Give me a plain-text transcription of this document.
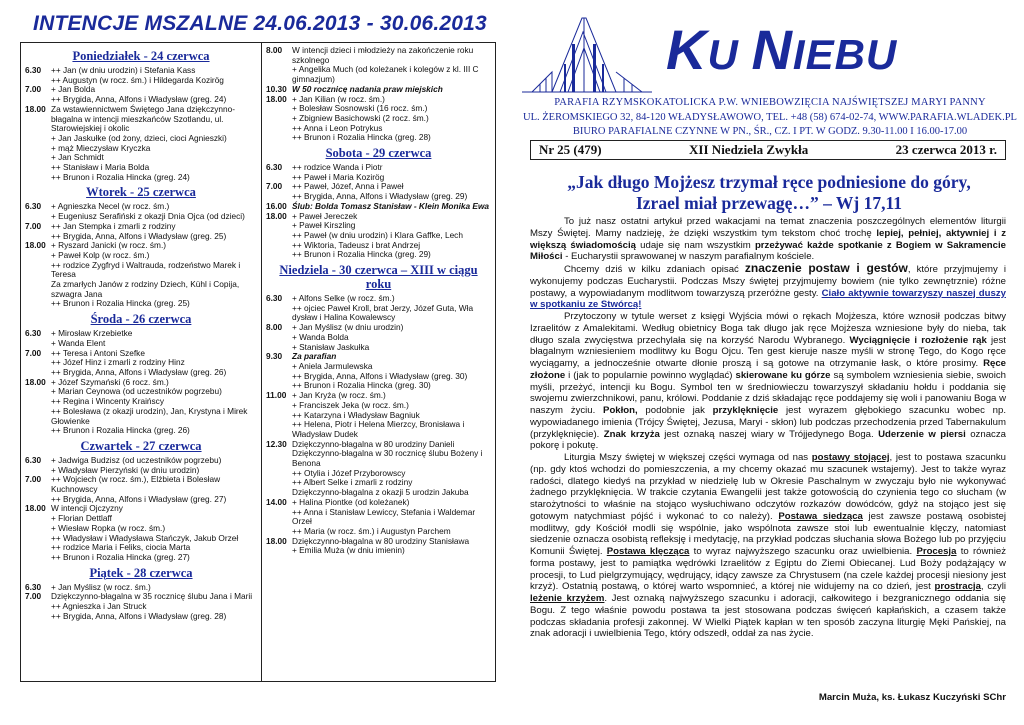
INTENCJE MSZALNE 24.06.2013 - 30.06.2013
Poniedziałek - 24 czerwca
6.30	++ Jan (w dniu urodzin) i Stefania Kass
++ Augustyn (w rocz. śm.) i Hildegarda Kozirög
7.00	+ Jan Bolda
++ Brygida, Anna, Alfons i Władysław (greg. 24)
18.00 Za wstawiennictwem Świętego Jana dziękczynno-błagalna w intencji mieszkańców Szotlandu, ul. Starowiejskiej i okolic
+ Jan Jaskułke (od żony, dzieci, cioci Agnieszki)
+ mąż Mieczysław Kryczka
+ Jan Schmidt
++ Stanisław i Maria Bolda
++ Brunon i Rozalia Hincka (greg. 24)
Wtorek - 25 czerwca
6.30	+ Agnieszka Necel (w rocz. śm.)
+ Eugeniusz Serafiński z okazji Dnia Ojca (od dzieci)
7.00	++ Jan Stempka i zmarli z rodziny
++ Brygida, Anna, Alfons i Władysław (greg. 25)
18.00 + Ryszard Janicki (w rocz. śm.)
+ Paweł Kolp (w rocz. śm.)
++ rodzice Zygfryd i Waltrauda, rodzeństwo Marek i Teresa
Za zmarłych Janów z rodziny Dziech, Kühl i Copija, szwagra Jana
++ Brunon i Rozalia Hincka (greg. 25)
Środa - 26 czerwca
6.30	+ Mirosław Krzebietke
+ Wanda Elent
7.00	++ Teresa i Antoni Szefke
++ Józef Hinz i zmarli z rodziny Hinz
++ Brygida, Anna, Alfons i Władysław (greg. 26)
18.00 + Józef Szymański (6 rocz. śm.)
+ Marian Ceynowa (od uczestników pogrzebu)
++ Regina i Wincenty Kraińscy
++ Bolesława (z okazji urodzin), Jan, Krystyna i Mirek Głowienke
++ Brunon i Rozalia Hincka (greg. 26)
Czwartek - 27 czerwca
6.30	+ Jadwiga Budzisz (od uczestników pogrzebu)
+ Władysław Pierzyński (w dniu urodzin)
7.00	++ Wojciech (w rocz. śm.), Elżbieta i Bolesław Kuchnowscy
++ Brygida, Anna, Alfons i Władysław (greg. 27)
18.00 W intencji Ojczyzny
+ Florian Dettlaff
+ Wiesław Ropka (w rocz. śm.)
++ Władysław i Władysława Stańczyk, Jakub Orzeł
++ rodzice Maria i Feliks, ciocia Marta
++ Brunon i Rozalia Hincka (greg. 27)
Piątek - 28 czerwca
6.30	+ Jan Myślisz (w rocz. śm.)
7.00	Dziękczynno-błagalna w 35 rocznicę ślubu Jana i Marii
++ Agnieszka i Jan Struck
++ Brygida, Anna, Alfons i Władysław (greg. 28)
8.00	W intencji dzieci i młodzieży na zakończenie roku szkolnego
+ Angelika Much (od koleżanek i kolegów z kl. III C gimnazjum)
10.30 W 50 rocznicę nadania praw miejskich
18.00 + Jan Kilian (w rocz. śm.)
+ Bolesław Sosnowski (16 rocz. śm.)
+ Zbigniew Basichowski (2 rocz. śm.)
++ Anna i Leon Potrykus
++ Brunon i Rozalia Hincka (greg. 28)
Sobota - 29 czerwca
6.30	++ rodzice Wanda i Piotr
++ Paweł i Maria Kozirög
7.00	++ Paweł, Józef, Anna i Paweł
++ Brygida, Anna, Alfons i Władysław (greg. 29)
16.00 Ślub: Bolda Tomasz Stanisław - Klein Monika Ewa
18.00 + Paweł Jereczek
+ Paweł Kirszling
++ Paweł (w dniu urodzin) i Klara Gaffke, Lech
++ Wiktoria, Tadeusz i brat Andrzej
++ Brunon i Rozalia Hincka (greg. 29)
Niedziela - 30 czerwca – XIII w ciągu roku
6.30	+ Alfons Selke (w rocz. śm.)
++ ojciec Paweł Kroll, brat Jerzy, Józef Guta, Wła dysław i Halina Kowalewscy
8.00	+ Jan Myślisz (w dniu urodzin)
+ Wanda Bolda
+ Stanisław Jaskułka
9.30	Za parafian
+ Aniela Jarmulewska
++ Brygida, Anna, Alfons i Władysław (greg. 30)
++ Brunon i Rozalia Hincka (greg. 30)
11.00 + Jan Kryża (w rocz. śm.)
+ Franciszek Jeka (w rocz. śm.)
++ Katarzyna i Władysław Bagniuk
++ Helena, Piotr i Helena Mierzcy, Bronisława i Władysław Dudek
12.30 Dziękczynno-błagalna w 80 urodziny Danieli
Dziękczynno-błagalna w 30 rocznicę ślubu Bożeny i Benona
++ Otylia i Józef Przyborowscy
++ Albert Selke i zmarli z rodziny
Dziękczynno-błagalna z okazji 5 urodzin Jakuba
14.00 + Halina Piontke (od koleżanek)
++ Anna i Stanisław Lewiccy, Stefania i Waldemar Orzeł
++ Maria (w rocz. śm.) i Augustyn Parchem
18.00 Dziękczynno-błagalna w 80 urodziny Stanisława
+ Emilia Muża (w dniu imienin)
KU NIEBU
PARAFIA RZYMSKOKATOLICKA P.W. WNIEBOWZIĘCIA NAJŚWIĘTSZEJ MARYI PANNY
UL. ŻEROMSKIEGO 32, 84-120 WŁADYSŁAWOWO, TEL. +48 (58) 674-02-74, WWW.PARAFIA.WLADEK.PL
BIURO PARAFIALNE CZYNNE W PN., ŚR., CZ. I PT. W GODZ. 9.30-11.00 I 16.00-17.00
Nr 25 (479)	XII Niedziela Zwykła	23 czerwca 2013 r.
„Jak długo Mojżesz trzymał ręce podniesione do góry,
Izrael miał przewagę…” – Wj 17,11

To już nasz ostatni artykuł przed wakacjami na temat znaczenia poszczególnych elementów liturgii Mszy Świętej. Mamy nadzieję, że dzięki wszystkim tym tekstom choć trochę lepiej, pełniej, aktywniej i z większą świadomością udaje się nam wszystkim przeżywać każde spotkanie z Bogiem w Sakramencie Miłości - Eucharystii sprawowanej w naszym parafialnym kościele.

Chcemy dziś w kilku zdaniach opisać znaczenie postaw i gestów, które przyjmujemy i wykonujemy podczas Eucharystii. Podczas Mszy świętej przyjmujemy bowiem (nie tylko zewnętrznie) różne postawy, a wypowiadanym modlitwom towarzyszą przeróżne gesty. Ciało aktywnie towarzyszy naszej duszy w spotkaniu ze Stwórcą!

Przytoczony w tytule werset z księgi Wyjścia mówi o rękach Mojżesza, które wznosił podczas bitwy Izraelitów z Amalekitami. Według obietnicy Boga tak długo jak ręce Mojżesza wzniesione były do nieba, tak długo szala zwycięstwa przechylała się na korzyść Narodu Wybranego. Wyciągnięcie i rozłożenie rąk jest błagalnym wzniesieniem modlitwy ku Bogu Ojcu. Ten gest kieruje nasze myśli w stronę Tego, do Kogo ręce wyciągamy, a jednocześnie otwarte dłonie proszą i są gotowe na otrzymanie łask, o które prosimy. Ręce złożone i (jak to popularnie powinno wyglądać) skierowane ku górze są symbolem wzniesienia siebie, swoich myśli, przeżyć, intencji ku Bogu. Symbol ten w średniowieczu towarzyszył składaniu hołdu i poddania się swojemu zwierzchnikowi, panu, królowi. Poddanie z dziś składając ręce poddajemy się woli i panowaniu Boga w naszym życiu. Pokłon, podobnie jak przyklęknięcie jest wyrazem głębokiego szacunku wobec np. wypowiadanego imienia (Trójcy Świętej, Jezusa, Maryi - skłon) lub podczas przechodzenia przed Tabernakulum (przyklęknięcie). Znak krzyża jest oznaką naszej wiary w Trójjedynego Boga. Uderzenie w piersi oznacza pokorę i pokutę.

Liturgia Mszy świętej w większej części wymaga od nas postawy stojącej, jest to postawa szacunku (np. gdy ktoś wchodzi do pomieszczenia, a my chcemy okazać mu szacunek wstajemy). Jest to także wyraz radości, dlatego kiedyś na przykład w niedzielę lub w Okresie Paschalnym w zwyczaju było nie wykonywać żadnego przyklęknięcia. W trakcie czytania Ewangelii jest także gotowością do czynienia tego co słucham (w starożytności to właśnie na stojąco wysłuchiwano odczytów rozkazów dowódców, gdyż na stojąco jest się gotowym natychmiast pójść i wykonać to co należy). Postawa siedząca jest zawsze postawą osobistej modlitwy, gdy Kościół modli się wspólnie, jako wspólnota zawsze stoi lub ewentualnie klęczy, natomiast siedzenie oznacza osobistą refleksję i medytację, na przykład podczas słuchania słowa Bożego lub po przyjęciu Komunii Świętej. Postawa klęcząca to wyraz najwyższego szacunku oraz uwielbienia. Procesja to również forma postawy, jest to pamiątka wędrówki Izraelitów z Egiptu do Ziemi Obiecanej. Lud Boży podążający w procesji, to Lud pielgrzymujący, wędrujący, idący zawsze za Chrystusem (na czele każdej procesji niesiony jest krzyż). Ostatnią postawą, o której warto wspomnieć, a której nie widujemy na co dzień, jest prostracja, czyli leżenie krzyżem. Jest oznaką najwyższego szacunku i adoracji, całkowitego i bezgranicznego oddania się Bogu. Z tego właśnie powodu postawa ta jest stosowana podczas święceń kapłańskich, a czasem także podczas składania profesji zakonnej. W Wielki Piątek kapłan w ten sposób zaczyna liturgię Męki Pańskiej, na znak adoracji i uwielbienia Tego, który odszedł, oddał za nas życie.

Marcin Muża, ks. Łukasz Kuczyński SChr
